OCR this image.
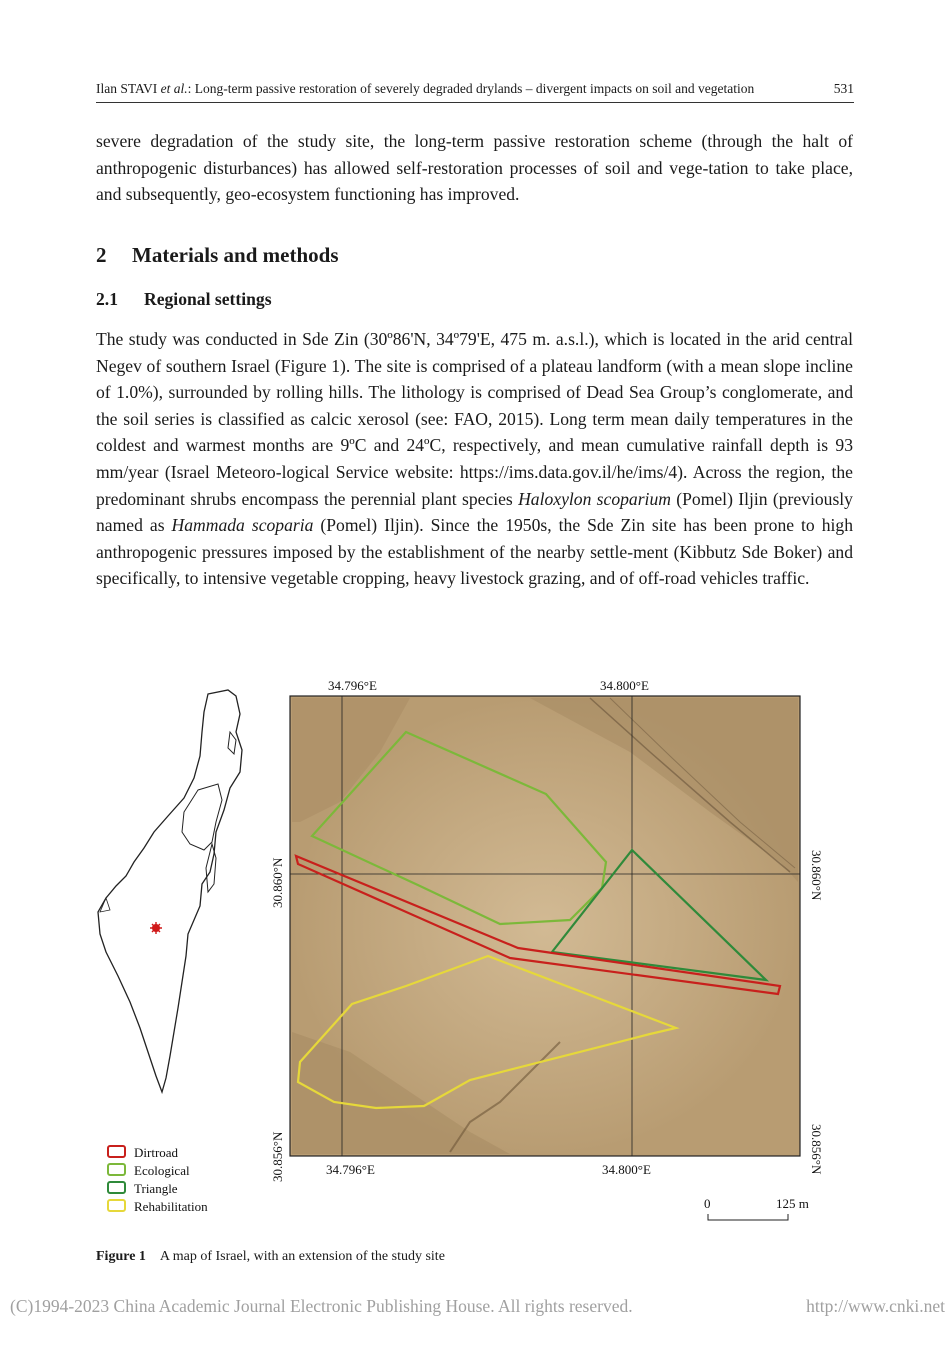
Ilan STAVI et al.: Long-term passive restoration of severely degraded drylands – divergent impacts on soil and vegetation	531

severe degradation of the study site, the long-term passive restoration scheme (through the halt of anthropogenic disturbances) has allowed self-restoration processes of soil and vege-tation to take place, and subsequently, geo-ecosystem functioning has improved.

2 Materials and methods
2.1 Regional settings

The study was conducted in Sde Zin (30º86'N, 34º79'E, 475 m. a.s.l.), which is located in the arid central Negev of southern Israel (Figure 1). The site is comprised of a plateau landform (with a mean slope incline of 1.0%), surrounded by rolling hills. The lithology is comprised of Dead Sea Group’s conglomerate, and the soil series is classified as calcic xerosol (see: FAO, 2015). Long term mean daily temperatures in the coldest and warmest months are 9ºC and 24ºC, respectively, and mean cumulative rainfall depth is 93 mm/year (Israel Meteoro-logical Service website: https://ims.data.gov.il/he/ims/4). Across the region, the predominant shrubs encompass the perennial plant species Haloxylon scoparium (Pomel) Iljin (previously named as Hammada scoparia (Pomel) Iljin). Since the 1950s, the Sde Zin site has been prone to high anthropogenic pressures imposed by the establishment of the nearby settle-ment (Kibbutz Sde Boker) and specifically, to intensive vegetable cropping, heavy livestock grazing, and of off-road vehicles traffic.

34.796°E	34.800°E
34.796°E	34.800°E
30.860°N
30.856°N
30.860°N
30.856°N
Dirtroad
Ecological
Triangle
Rehabilitation	0	125 m
Figure 1 A map of Israel, with an extension of the study site
(C)1994-2023 China Academic Journal Electronic Publishing House. All rights reserved.	http://www.cnki.net
